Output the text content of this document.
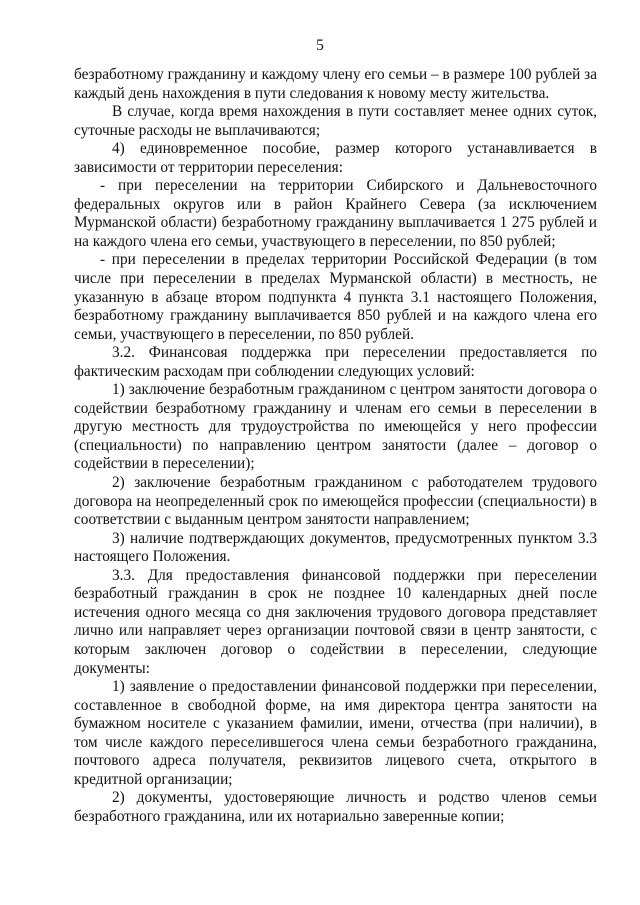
5

безработному гражданину и каждому члену его семьи – в размере 100 рублей за каждый день нахождения в пути следования к новому месту жительства.

В случае, когда время нахождения в пути составляет менее одних суток, суточные расходы не выплачиваются;

4) единовременное пособие, размер которого устанавливается в зависимости от территории переселения:

- при переселении на территории Сибирского и Дальневосточного федеральных округов или в район Крайнего Севера (за исключением Мурманской области) безработному гражданину выплачивается 1 275 рублей и на каждого члена его семьи, участвующего в переселении, по 850 рублей;

- при переселении в пределах территории Российской Федерации (в том числе при переселении в пределах Мурманской области) в местность, не указанную в абзаце втором подпункта 4 пункта 3.1 настоящего Положения, безработному гражданину выплачивается 850 рублей и на каждого члена его семьи, участвующего в переселении, по 850 рублей.

3.2. Финансовая поддержка при переселении предоставляется по фактическим расходам при соблюдении следующих условий:

1) заключение безработным гражданином с центром занятости договора о содействии безработному гражданину и членам его семьи в переселении в другую местность для трудоустройства по имеющейся у него профессии (специальности) по направлению центром занятости (далее – договор о содействии в переселении);

2) заключение безработным гражданином с работодателем трудового договора на неопределенный срок по имеющейся профессии (специальности) в соответствии с выданным центром занятости направлением;

3) наличие подтверждающих документов, предусмотренных пунктом 3.3 настоящего Положения.

3.3. Для предоставления финансовой поддержки при переселении безработный гражданин в срок не позднее 10 календарных дней после истечения одного месяца со дня заключения трудового договора представляет лично или направляет через организации почтовой связи в центр занятости, с которым заключен договор о содействии в переселении, следующие документы:

1) заявление о предоставлении финансовой поддержки при переселении, составленное в свободной форме, на имя директора центра занятости на бумажном носителе с указанием фамилии, имени, отчества (при наличии), в том числе каждого переселившегося члена семьи безработного гражданина, почтового адреса получателя, реквизитов лицевого счета, открытого в кредитной организации;

2) документы, удостоверяющие личность и родство членов семьи безработного гражданина, или их нотариально заверенные копии;
